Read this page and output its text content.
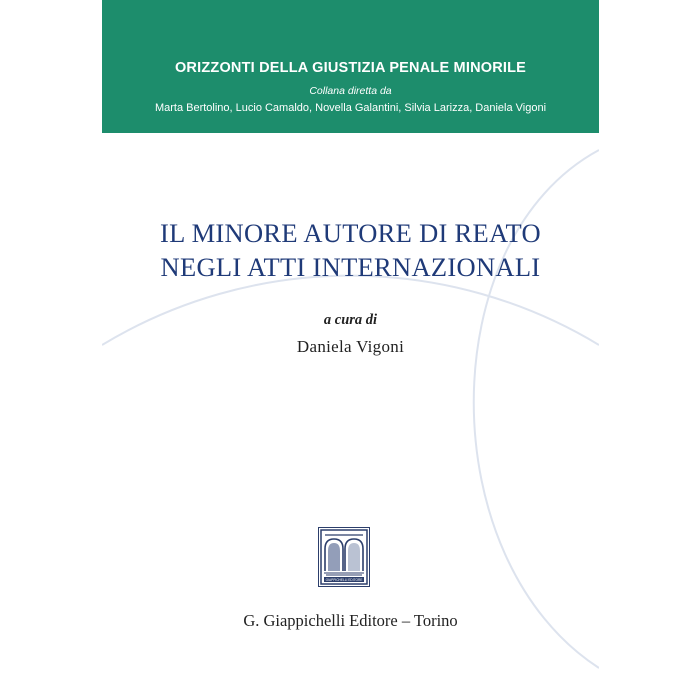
ORIZZONTI DELLA GIUSTIZIA PENALE MINORILE
Collana diretta da
Marta Bertolino, Lucio Camaldo, Novella Galantini, Silvia Larizza, Daniela Vigoni
IL MINORE AUTORE DI REATO
NEGLI ATTI INTERNAZIONALI
a cura di
Daniela Vigoni
GIAPPICHELLI EDITORE
G. Giappichelli Editore – Torino
